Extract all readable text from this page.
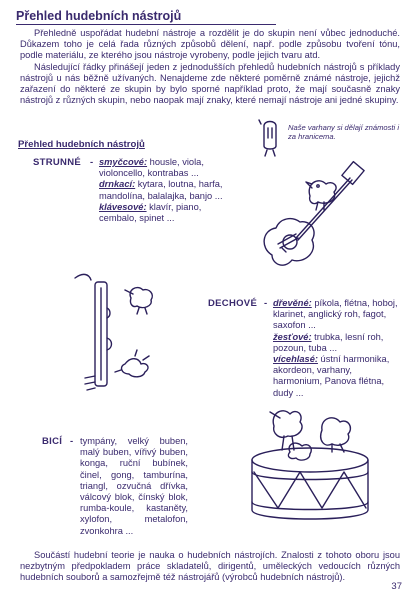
Přehled hudebních nástrojů

Přehledně uspořádat hudební nástroje a rozdělit je do skupin není vůbec jednoduché. Důkazem toho je celá řada různých způsobů dělení, např. podle způsobu tvoření tónu, podle materiálu, ze kterého jsou nástroje vyrobeny, podle jejich tvaru atd.

Následující řádky přinášejí jeden z jednodušších přehledů hudebních nástrojů s příklady nástrojů u nás běžně užívaných. Nenajdeme zde některé poměrně známé nástroje, jejichž zařazení do některé ze skupin by bylo sporné například proto, že mají současně znaky nástrojů z různých skupin, nebo naopak mají znaky, které nemají nástroje ani jedné skupiny.

Přehled hudebních nástrojů
Naše varhany si dělají známosti i za hranicema.
STRUNNÉ - smyčcové: housle, viola, violoncello, kontrabas ...
drnkací: kytara, loutna, harfa, mandolína, balalajka, banjo ...
klávesové: klavír, piano, cembalo, spinet ...
DECHOVÉ - dřevěné: píkola, flétna, hoboj, klarinet, anglický roh, fagot, saxofon ...
žesťové: trubka, lesní roh, pozoun, tuba ...
vícehlasé: ústní harmonika, akordeon, varhany, harmonium, Panova flétna, dudy ...
BICÍ - tympány, velký buben, malý buben, vířivý buben, konga, ruční bubínek, činel, gong, tamburína, triangl, ozvučná dřívka, válcový blok, čínský blok, rumba-koule, kastaněty, xylofon, metalofon, zvonkohra ...

Součástí hudební teorie je nauka o hudebních nástrojích. Znalosti z tohoto oboru jsou nezbytným předpokladem práce skladatelů, dirigentů, uměleckých vedoucích různých hudebních souborů a samozřejmě též nástrojářů (výrobců hudebních nástrojů).

37
